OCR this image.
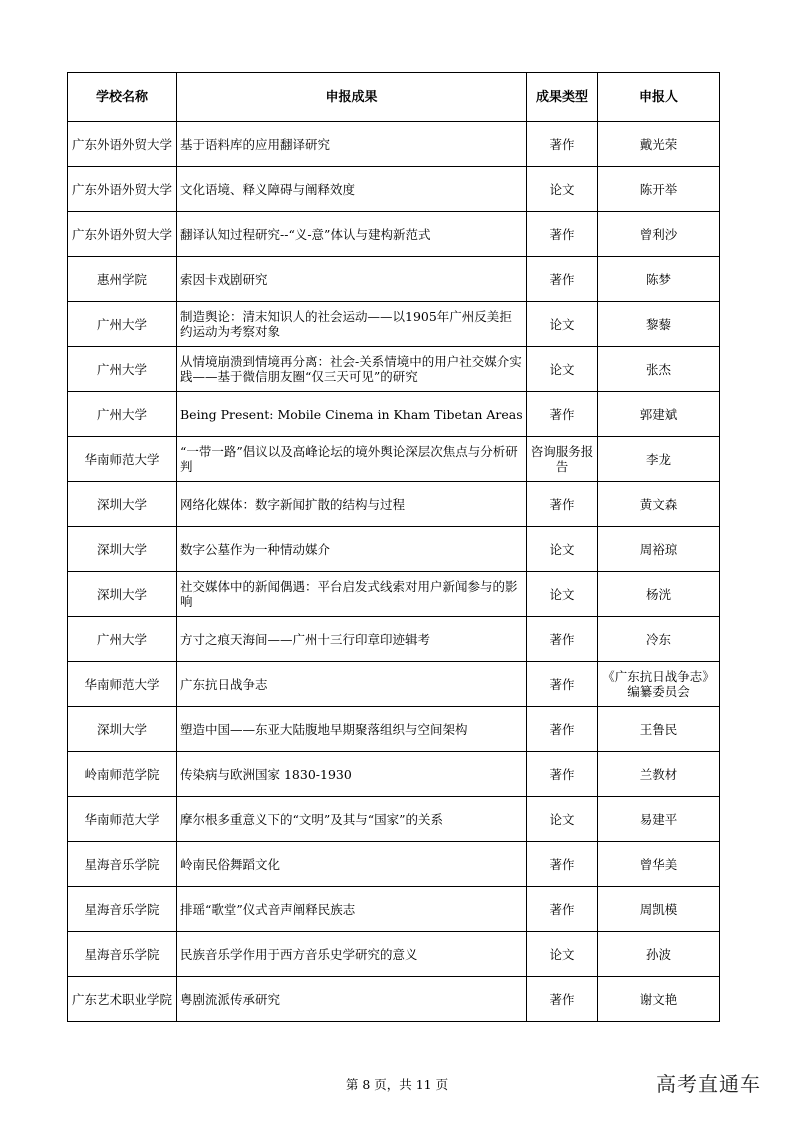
学校名称	申报成果	成果类型	申报人
广东外语外贸大学	基于语料库的应用翻译研究	著作	戴光荣
广东外语外贸大学	文化语境、释义障碍与阐释效度	论文	陈开举
广东外语外贸大学	翻译认知过程研究--“义-意”体认与建构新范式	著作	曾利沙
惠州学院	索因卡戏剧研究	著作	陈梦
广州大学	制造舆论：清末知识人的社会运动——以1905年广州反美拒约运动为考察对象	论文	黎藜
广州大学	从情境崩溃到情境再分离：社会-关系情境中的用户社交媒介实践——基于微信朋友圈“仅三天可见”的研究	论文	张杰
广州大学	Being Present: Mobile Cinema in Kham Tibetan Areas	著作	郭建斌
华南师范大学	“一带一路”倡议以及高峰论坛的境外舆论深层次焦点与分析研判	咨询服务报告	李龙
深圳大学	网络化媒体：数字新闻扩散的结构与过程	著作	黄文森
深圳大学	数字公墓作为一种情动媒介	论文	周裕琼
深圳大学	社交媒体中的新闻偶遇：平台启发式线索对用户新闻参与的影响	论文	杨洸
广州大学	方寸之痕天海间——广州十三行印章印迹辑考	著作	冷东
华南师范大学	广东抗日战争志	著作	《广东抗日战争志》编纂委员会
深圳大学	塑造中国——东亚大陆腹地早期聚落组织与空间架构	著作	王鲁民
岭南师范学院	传染病与欧洲国家 1830-1930	著作	兰教材
华南师范大学	摩尔根多重意义下的“文明”及其与“国家”的关系	论文	易建平
星海音乐学院	岭南民俗舞蹈文化	著作	曾华美
星海音乐学院	排瑶“歌堂”仪式音声阐释民族志	著作	周凯模
星海音乐学院	民族音乐学作用于西方音乐史学研究的意义	论文	孙波
广东艺术职业学院	粤剧流派传承研究	著作	谢文艳
第 8 页，共 11 页	高考直通车
